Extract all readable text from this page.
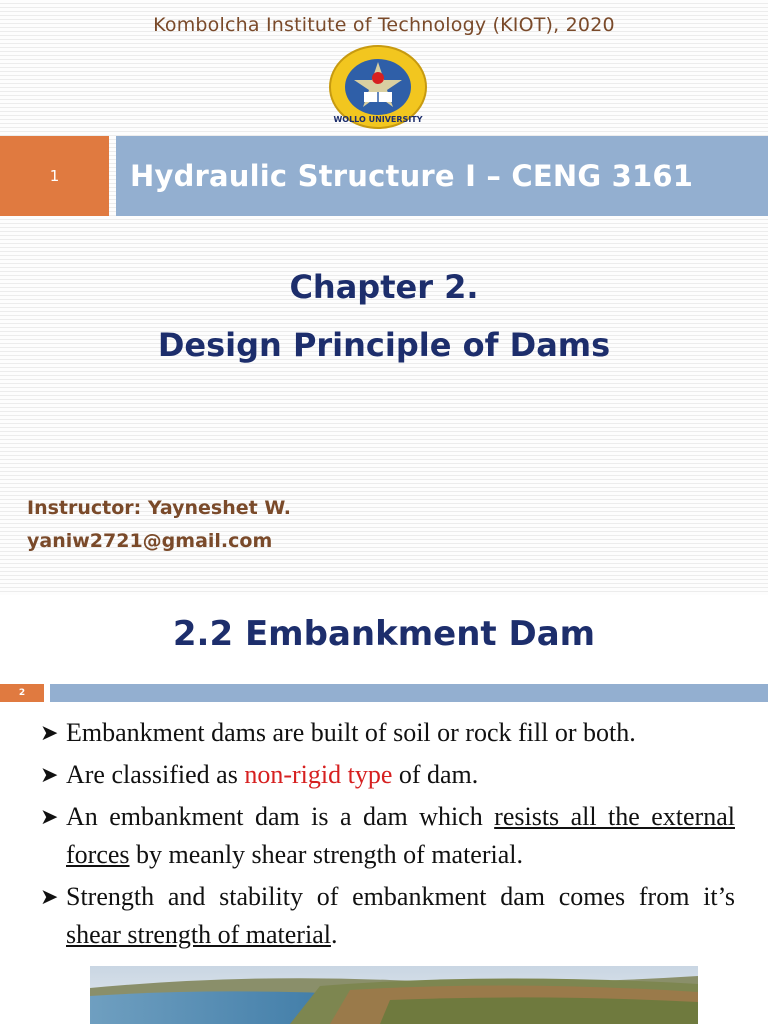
Kombolcha Institute of Technology (KIOT), 2020
WOLLO UNIVERSITY
1 Hydraulic Structure I – CENG 3161
Chapter 2.
Design Principle of Dams
Instructor: Yayneshet W.
yaniw2721@gmail.com
2.2 Embankment Dam
2
➤ Embankment dams are built of soil or rock fill or both.
➤ Are classified as non-rigid type of dam.
➤ An embankment dam is a dam which resists all the external forces by meanly shear strength of material.
➤ Strength and stability of embankment dam comes from it’s shear strength of material.
